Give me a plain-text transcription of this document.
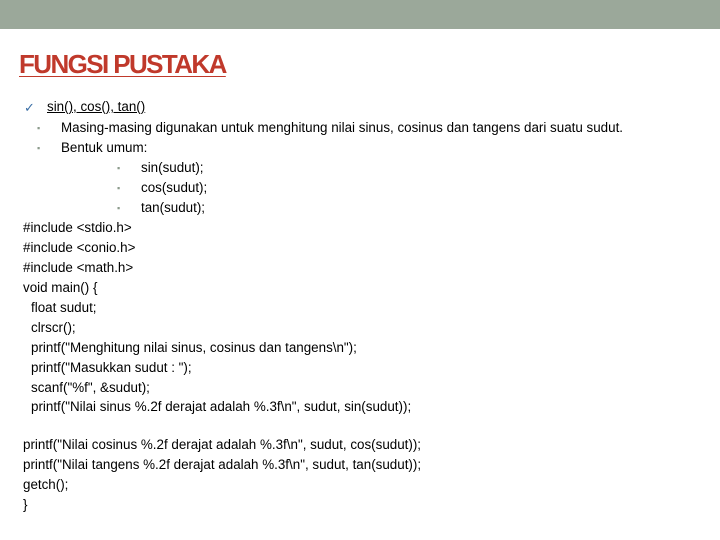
FUNGSI PUSTAKA
✓ sin(), cos(), tan()
▪ Masing-masing digunakan untuk menghitung nilai sinus, cosinus dan tangens dari suatu sudut.
▪ Bentuk umum:
▪ sin(sudut);
▪ cos(sudut);
▪ tan(sudut);
#include <stdio.h>
#include <conio.h>
#include <math.h>
void main() {
float sudut;
clrscr();
printf("Menghitung nilai sinus, cosinus dan tangens\n");
printf("Masukkan sudut : ");
scanf("%f", &sudut);
printf("Nilai sinus %.2f derajat adalah %.3f\n", sudut, sin(sudut));
printf("Nilai cosinus %.2f derajat adalah %.3f\n", sudut, cos(sudut));
printf("Nilai tangens %.2f derajat adalah %.3f\n", sudut, tan(sudut));
getch();
}
